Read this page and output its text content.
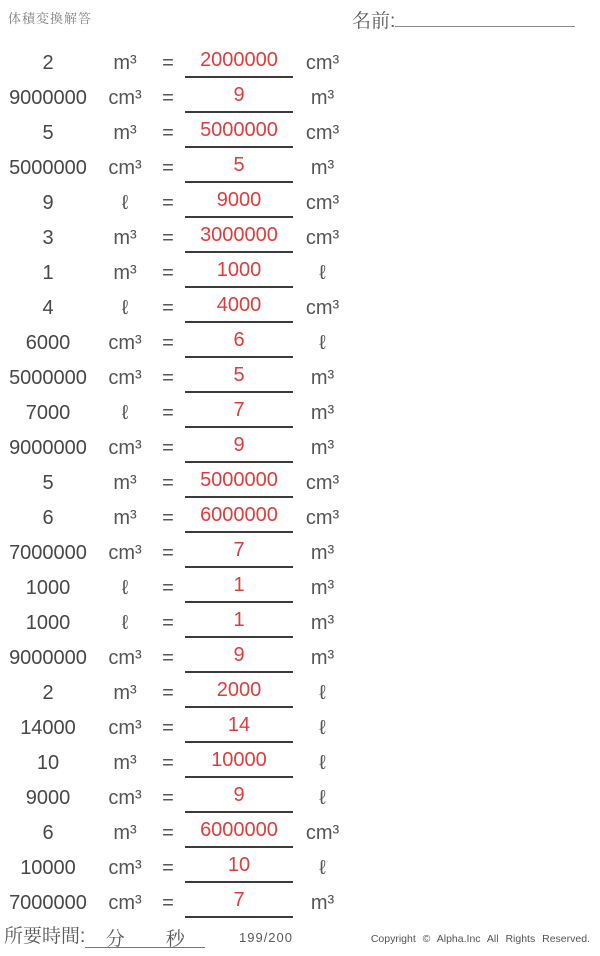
体積変換解答	名前:
2	m³	=	2000000	cm³
9000000	cm³	=	9	m³
5	m³	=	5000000	cm³
5000000	cm³	=	5	m³
9	ℓ	=	9000	cm³
3	m³	=	3000000	cm³
1	m³	=	1000	ℓ
4	ℓ	=	4000	cm³
6000	cm³	=	6	ℓ
5000000	cm³	=	5	m³
7000	ℓ	=	7	m³
9000000	cm³	=	9	m³
5	m³	=	5000000	cm³
6	m³	=	6000000	cm³
7000000	cm³	=	7	m³
1000	ℓ	=	1	m³
1000	ℓ	=	1	m³
9000000	cm³	=	9	m³
2	m³	=	2000	ℓ
14000	cm³	=	14	ℓ
10	m³	=	10000	ℓ
9000	cm³	=	9	ℓ
6	m³	=	6000000	cm³
10000	cm³	=	10	ℓ
7000000	cm³	=	7	m³
所要時間: 分 秒	199/200	Copyright © Alpha.Inc All Rights Reserved.
